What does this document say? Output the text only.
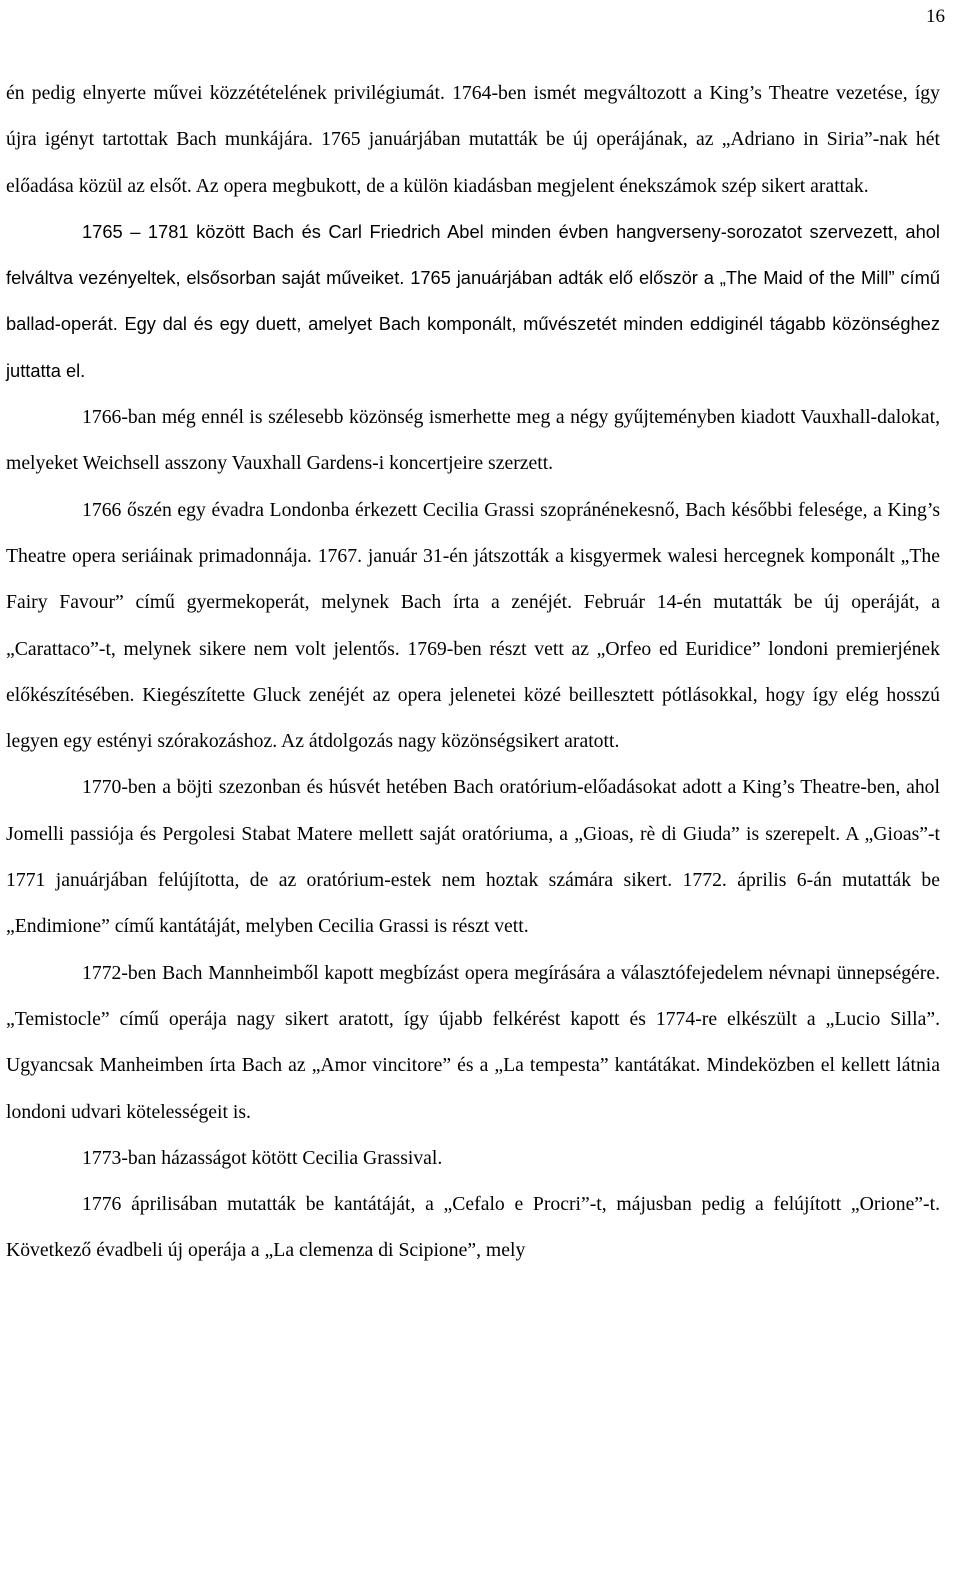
16

én pedig elnyerte művei közzétételének privilégiumát. 1764-ben ismét megváltozott a King’s Theatre vezetése, így újra igényt tartottak Bach munkájára. 1765 januárjában mutatták be új operájának, az „Adriano in Siria”-nak hét előadása közül az elsőt. Az opera megbukott, de a külön kiadásban megjelent énekszámok szép sikert arattak.

1765 – 1781 között Bach és Carl Friedrich Abel minden évben hangverseny-sorozatot szervezett, ahol felváltva vezényeltek, elsősorban saját műveiket. 1765 januárjában adták elő először a „The Maid of the Mill” című ballad-operát. Egy dal és egy duett, amelyet Bach komponált, művészetét minden eddiginél tágabb közönséghez juttatta el.

1766-ban még ennél is szélesebb közönség ismerhette meg a négy gyűjteményben kiadott Vauxhall-dalokat, melyeket Weichsell asszony Vauxhall Gardens-i koncertjeire szerzett.

1766 őszén egy évadra Londonba érkezett Cecilia Grassi szopránénekesnő, Bach későbbi felesége, a King’s Theatre opera seriáinak primadonnája. 1767. január 31-én játszották a kisgyermek walesi hercegnek komponált „The Fairy Favour” című gyermekoperát, melynek Bach írta a zenéjét. Február 14-én mutatták be új operáját, a „Carattaco”-t, melynek sikere nem volt jelentős. 1769-ben részt vett az „Orfeo ed Euridice” londoni premierjének előkészítésében. Kiegészítette Gluck zenéjét az opera jelenetei közé beillesztett pótlásokkal, hogy így elég hosszú legyen egy estényi szórakozáshoz. Az átdolgozás nagy közönségsikert aratott.

1770-ben a böjti szezonban és húsvét hetében Bach oratórium-előadásokat adott a King’s Theatre-ben, ahol Jomelli passiója és Pergolesi Stabat Matere mellett saját oratóriuma, a „Gioas, rè di Giuda” is szerepelt. A „Gioas”-t 1771 januárjában felújította, de az oratórium-estek nem hoztak számára sikert. 1772. április 6-án mutatták be „Endimione” című kantátáját, melyben Cecilia Grassi is részt vett.

1772-ben Bach Mannheimből kapott megbízást opera megírására a választófejedelem névnapi ünnepségére. „Temistocle” című operája nagy sikert aratott, így újabb felkérést kapott és 1774-re elkészült a „Lucio Silla”. Ugyancsak Manheimben írta Bach az „Amor vincitore” és a „La tempesta” kantátákat. Mindeközben el kellett látnia londoni udvari kötelességeit is.

1773-ban házasságot kötött Cecilia Grassival.

1776 áprilisában mutatták be kantátáját, a „Cefalo e Procri”-t, májusban pedig a felújított „Orione”-t. Következő évadbeli új operája a „La clemenza di Scipione”, mely
